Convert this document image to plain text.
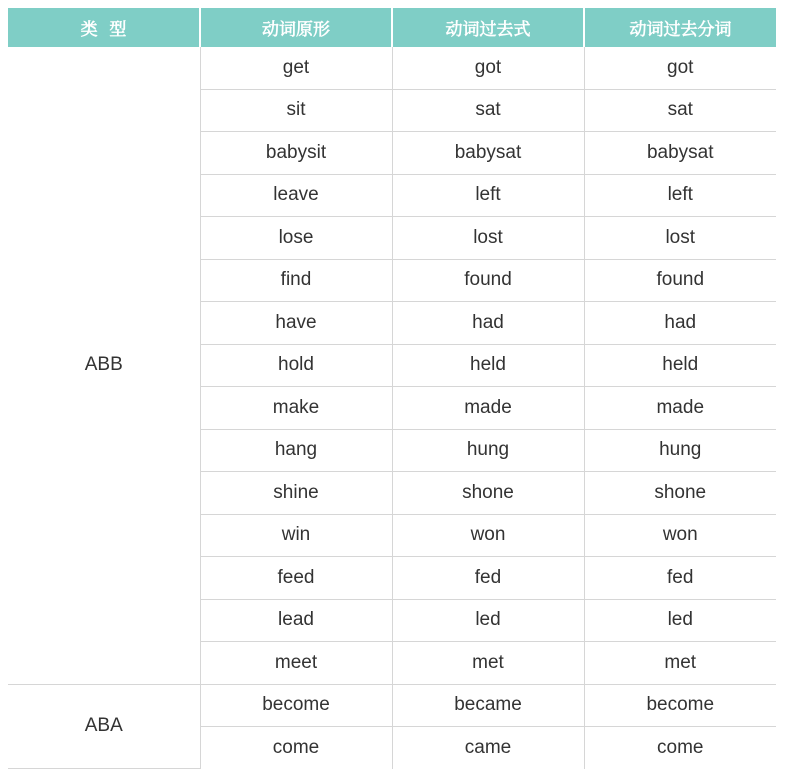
类  型	动词原形	动词过去式	动词过去分词
ABB	get	got	got
	sit	sat	sat
	babysit	babysat	babysat
	leave	left	left
	lose	lost	lost
	find	found	found
	have	had	had
	hold	held	held
	make	made	made
	hang	hung	hung
	shine	shone	shone
	win	won	won
	feed	fed	fed
	lead	led	led
	meet	met	met
ABA	become	became	become
	come	came	come
